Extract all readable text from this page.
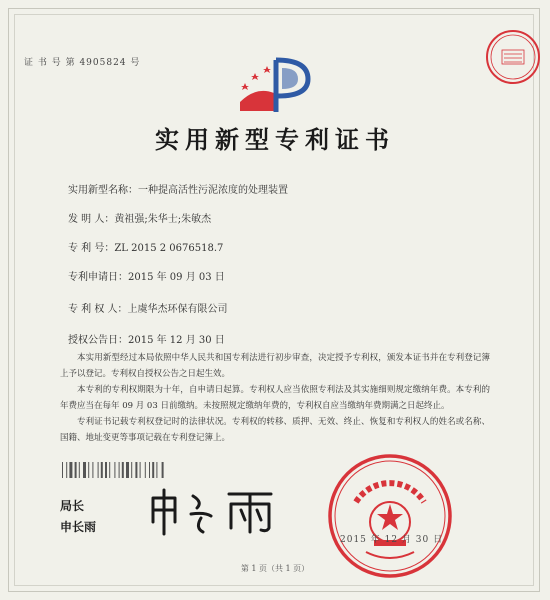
证 书 号 第 4905824 号
实用新型专利证书
实用新型名称：一种提高活性污泥浓度的处理装置
发 明 人：黄祖强;朱华士;朱敏杰
专 利 号：ZL 2015 2 0676518.7
专利申请日：2015 年 09 月 03 日
专 利 权 人：上虞华杰环保有限公司
授权公告日：2015 年 12 月 30 日

本实用新型经过本局依照中华人民共和国专利法进行初步审查，决定授予专利权，颁发本证书并在专利登记簿上予以登记。专利权自授权公告之日起生效。

本专利的专利权期限为十年，自申请日起算。专利权人应当依照专利法及其实施细则规定缴纳年费。本专利的年费应当在每年 09 月 03 日前缴纳。未按照规定缴纳年费的，专利权自应当缴纳年费期满之日起终止。

专利证书记载专利权登记时的法律状况。专利权的转移、质押、无效、终止、恢复和专利权人的姓名或名称、国籍、地址变更等事项记载在专利登记簿上。

局长
申长雨
2015 年 12 月 30 日
第 1 页（共 1 页）
